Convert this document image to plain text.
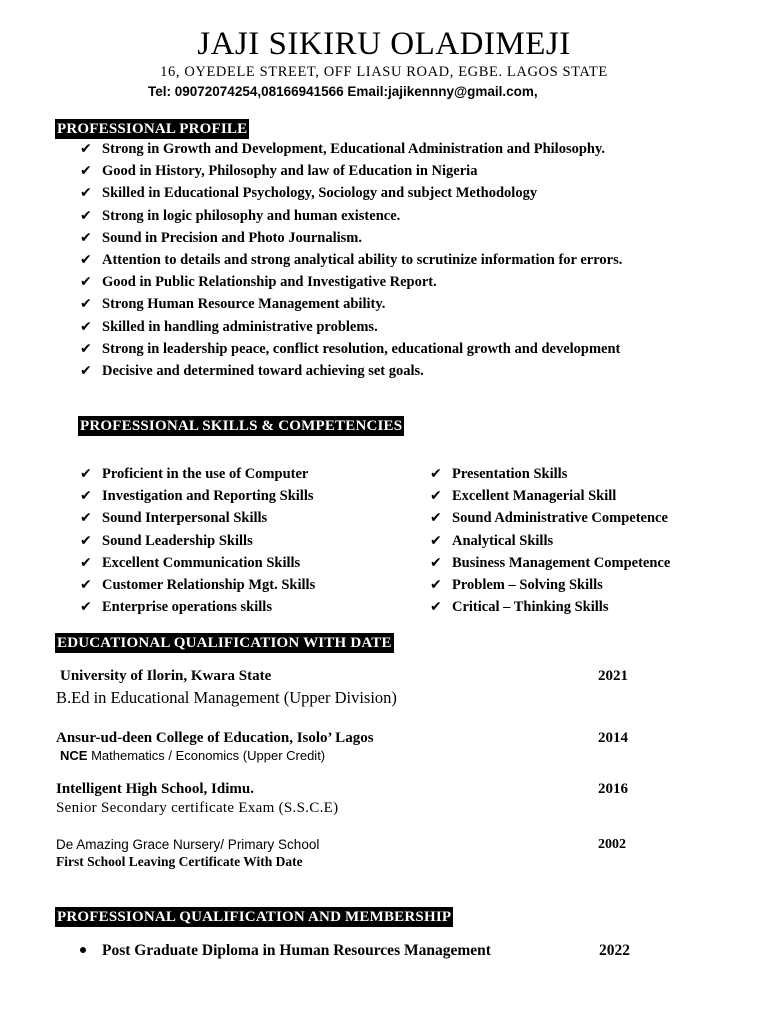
JAJI SIKIRU OLADIMEJI
16, OYEDELE STREET, OFF LIASU ROAD, EGBE. LAGOS STATE
Tel: 09072074254,08166941566 Email:jajikennny@gmail.com,
PROFESSIONAL PROFILE
✔ Strong in Growth and Development, Educational Administration and Philosophy.
✔ Good in History, Philosophy and law of Education in Nigeria
✔ Skilled in Educational Psychology, Sociology and subject Methodology
✔ Strong in logic philosophy and human existence.
✔ Sound in Precision and Photo Journalism.
✔ Attention to details and strong analytical ability to scrutinize information for errors.
✔ Good in Public Relationship and Investigative Report.
✔ Strong Human Resource Management ability.
✔ Skilled in handling administrative problems.
✔ Strong in leadership peace, conflict resolution, educational growth and development
✔ Decisive and determined toward achieving set goals.
PROFESSIONAL SKILLS & COMPETENCIES
✔ Proficient in the use of Computer
✔ Investigation and Reporting Skills
✔ Sound Interpersonal Skills
✔ Sound Leadership Skills
✔ Excellent Communication Skills
✔ Customer Relationship Mgt. Skills
✔ Enterprise operations skills
✔ Presentation Skills
✔ Excellent Managerial Skill
✔ Sound Administrative Competence
✔ Analytical Skills
✔ Business Management Competence
✔ Problem – Solving Skills
✔ Critical – Thinking Skills
EDUCATIONAL QUALIFICATION WITH DATE
University of Ilorin, Kwara State	2021
B.Ed in Educational Management (Upper Division)
Ansur-ud-deen College of Education, Isolo’ Lagos	2014
NCE Mathematics / Economics (Upper Credit)
Intelligent High School, Idimu.	2016
Senior Secondary certificate Exam (S.S.C.E)
De Amazing Grace Nursery/ Primary School	2002
First School Leaving Certificate With Date
PROFESSIONAL QUALIFICATION AND MEMBERSHIP
Post Graduate Diploma in Human Resources Management	2022
